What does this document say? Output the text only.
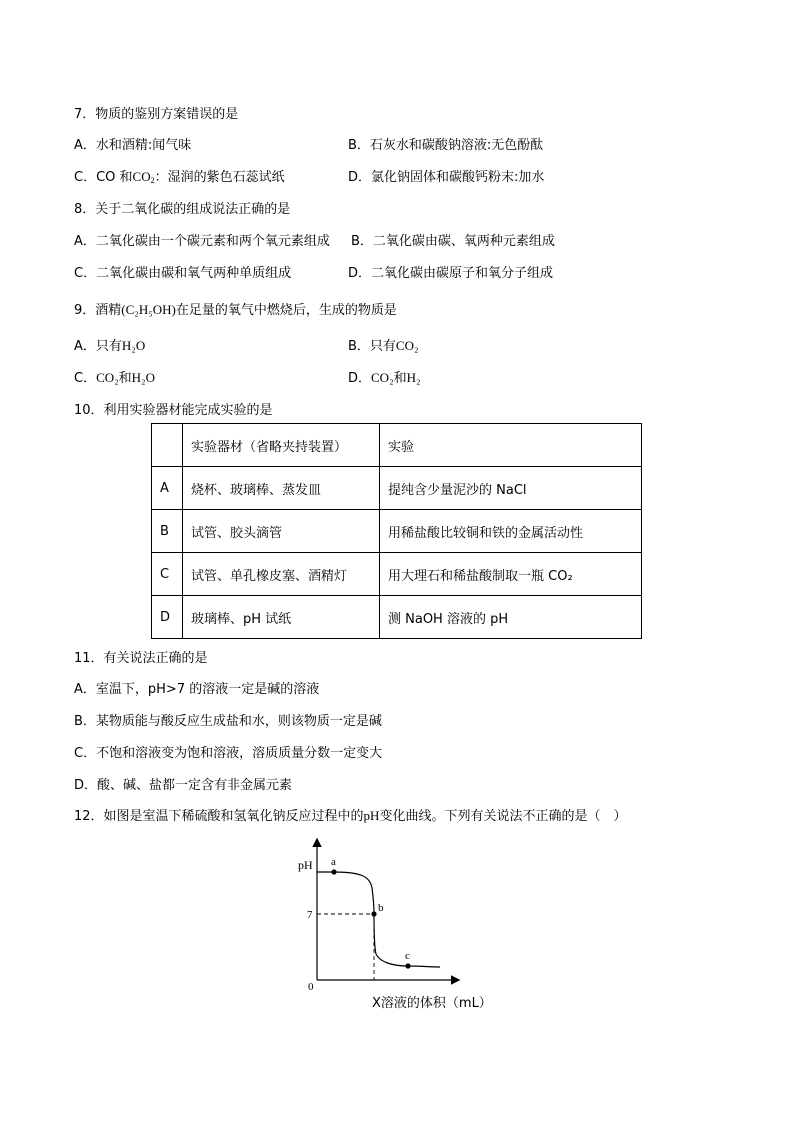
7．物质的鉴别方案错误的是
A．水和酒精:闻气味	B．石灰水和碳酸钠溶液:无色酚酞
C．CO 和$CO_2$：湿润的紫色石蕊试纸	D．氯化钠固体和碳酸钙粉末:加水
8．关于二氧化碳的组成说法正确的是
A．二氧化碳由一个碳元素和两个氧元素组成 B．二氧化碳由碳、氧两种元素组成
C．二氧化碳由碳和氧气两种单质组成	D．二氧化碳由碳原子和氧分子组成
9．酒精(C₂H₅OH)在足量的氧气中燃烧后，生成的物质是
A．只有H₂O	B．只有CO₂
C．CO₂和H₂O	D．CO₂和H₂
10．利用实验器材能完成实验的是
	实验器材（省略夹持装置）	实验
A	烧杯、玻璃棒、蒸发皿	提纯含少量泥沙的 NaCl
B	试管、胶头滴管	用稀盐酸比较铜和铁的金属活动性
C	试管、单孔橡皮塞、酒精灯	用大理石和稀盐酸制取一瓶 CO₂
D	玻璃棒、pH 试纸	测 NaOH 溶液的 pH
11．有关说法正确的是
A．室温下，pH>7 的溶液一定是碱的溶液
B．某物质能与酸反应生成盐和水，则该物质一定是碱
C．不饱和溶液变为饱和溶液，溶质质量分数一定变大
D．酸、碱、盐都一定含有非金属元素
12．如图是室温下稀硫酸和氢氧化钠反应过程中的pH变化曲线。下列有关说法不正确的是（　）
pH
0
7
a
b
c
X溶液的体积（mL）
